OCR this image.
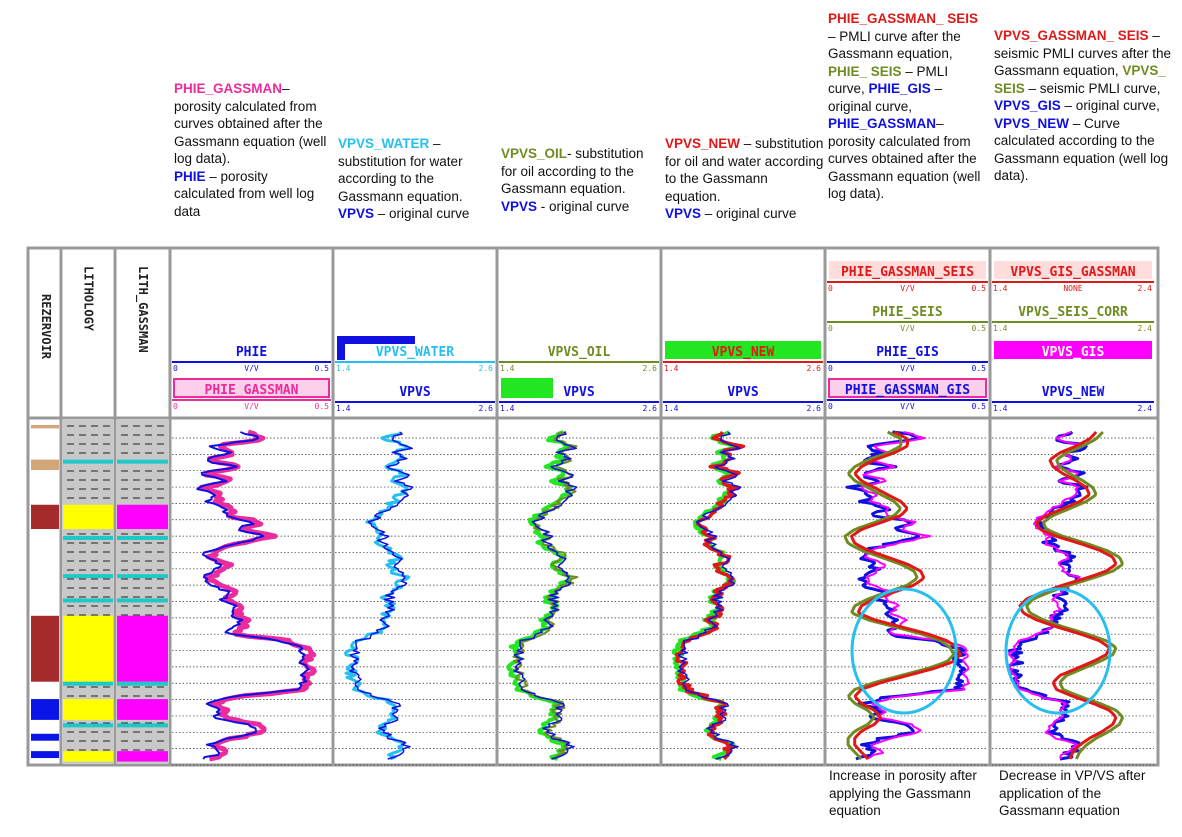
PHIE_GASSMAN– porosity calculated from curves obtained after the Gassmann equation (well log data).
PHIE – porosity calculated from well log data
VPVS_WATER – substitution for water according to the Gassmann equation.
VPVS – original curve
VPVS_OIL- substitution for oil according to the Gassmann equation.
VPVS - original curve
VPVS_NEW – substitution for oil and water according to the Gassmann equation.
VPVS – original curve
PHIE_GASSMAN_ SEIS – PMLI curve after the Gassmann equation, PHIE_ SEIS – PMLI curve, PHIE_GIS – original curve, PHIE_GASSMAN– porosity calculated from curves obtained after the Gassmann equation (well log data).
VPVS_GASSMAN_ SEIS – seismic PMLI curves after the Gassmann equation, VPVS_ SEIS – seismic PMLI curve, VPVS_GIS – original curve, VPVS_NEW – Curve calculated according to the Gassmann equation (well log data).
REZERVOIR LITHOLOGY	LITH_GASSMAN	PHIE
0	0.5
V/V
PHIE_GASSMAN
0	0.5
V/V
VPVS_WATER
1.4	2.6
VPVS
1.4	2.6
VPVS_OIL
1.4	2.6
VPVS
1.4	2.6
VPVS_NEW
1.4	2.6
VPVS
1.4	2.6
PHIE_GASSMAN_SEIS
0	0.5
V/V
PHIE_SEIS
0	0.5
V/V
PHIE_GIS
0	0.5
V/V
PHIE_GASSMAN_GIS
0	0.5
V/V
VPVS_GIS_GASSMAN
1.4	2.4
NONE
VPVS_SEIS_CORR
1.4	2.4
VPVS_GIS
1.4	2.4
VPVS_NEW
1.4	2.4
Increase in porosity after applying the Gassmann equation
Decrease in VP/VS after application of the Gassmann equation
